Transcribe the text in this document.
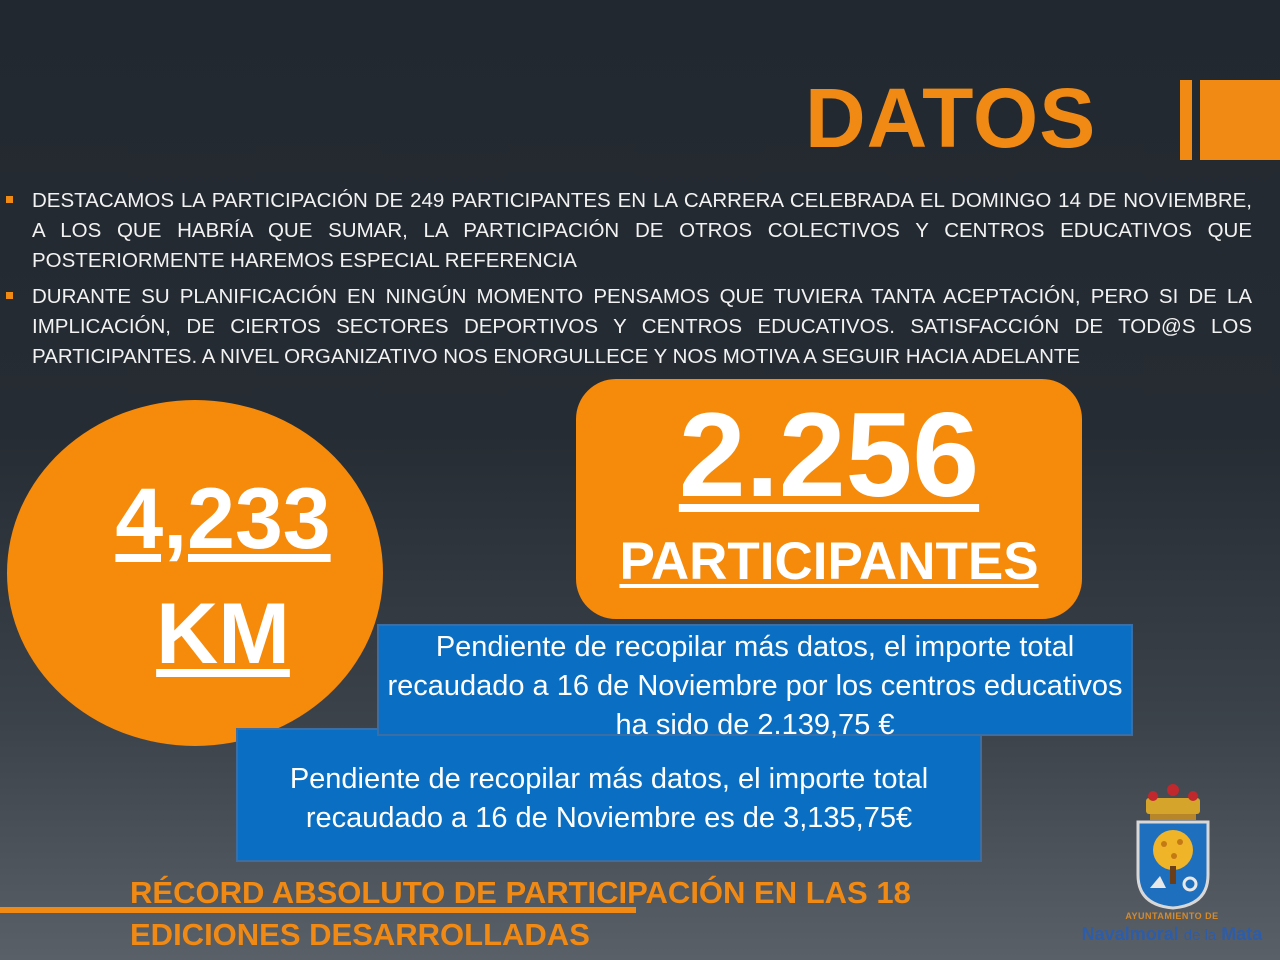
DATOS
DESTACAMOS LA PARTICIPACIÓN DE 249 PARTICIPANTES EN LA CARRERA CELEBRADA EL DOMINGO 14 DE NOVIEMBRE, A LOS QUE HABRÍA QUE SUMAR, LA PARTICIPACIÓN DE OTROS COLECTIVOS Y CENTROS EDUCATIVOS QUE POSTERIORMENTE HAREMOS ESPECIAL REFERENCIA
DURANTE SU PLANIFICACIÓN EN NINGÚN MOMENTO PENSAMOS QUE TUVIERA TANTA ACEPTACIÓN, PERO SI DE LA IMPLICACIÓN, DE CIERTOS SECTORES DEPORTIVOS Y CENTROS EDUCATIVOS. SATISFACCIÓN DE TOD@S LOS PARTICIPANTES. A NIVEL ORGANIZATIVO NOS ENORGULLECE Y NOS MOTIVA A SEGUIR HACIA ADELANTE
4,233
KM
2.256
PARTICIPANTES
Pendiente de recopilar más datos, el importe total recaudado a 16 de Noviembre es de 3,135,75€
Pendiente de recopilar más datos, el importe total recaudado a 16 de Noviembre por los centros educativos ha sido de 2.139,75 €
RÉCORD ABSOLUTO DE PARTICIPACIÓN EN LAS 18 EDICIONES DESARROLLADAS
AYUNTAMIENTO DE
Navalmoral de la Mata
